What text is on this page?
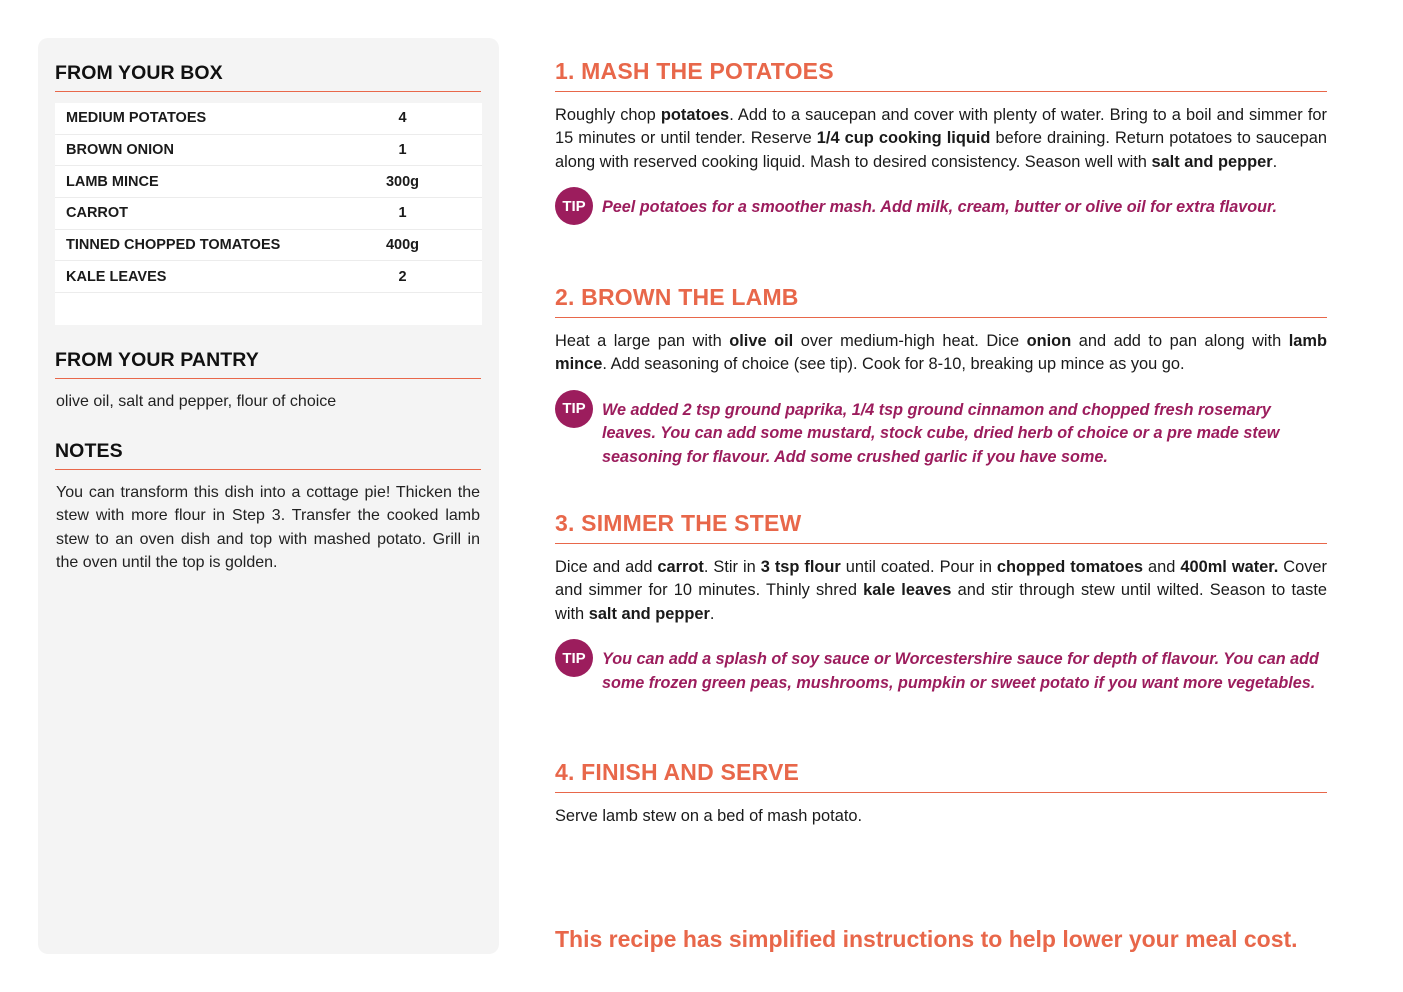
FROM YOUR BOX
MEDIUM POTATOES	4
BROWN ONION	1
LAMB MINCE	300g
CARROT	1
TINNED CHOPPED TOMATOES	400g
KALE LEAVES	2
FROM YOUR PANTRY
olive oil, salt and pepper, flour of choice
NOTES
You can transform this dish into a cottage pie! Thicken the stew with more flour in Step 3. Transfer the cooked lamb stew to an oven dish and top with mashed potato. Grill in the oven until the top is golden.
1. MASH THE POTATOES
Roughly chop potatoes. Add to a saucepan and cover with plenty of water. Bring to a boil and simmer for 15 minutes or until tender. Reserve 1/4 cup cooking liquid before draining. Return potatoes to saucepan along with reserved cooking liquid. Mash to desired consistency. Season well with salt and pepper.
TIP	Peel potatoes for a smoother mash. Add milk, cream, butter or olive oil for extra flavour.
2. BROWN THE LAMB
Heat a large pan with olive oil over medium-high heat. Dice onion and add to pan along with lamb mince. Add seasoning of choice (see tip). Cook for 8-10, breaking up mince as you go.
TIP	We added 2 tsp ground paprika, 1/4 tsp ground cinnamon and chopped fresh rosemary leaves. You can add some mustard, stock cube, dried herb of choice or a pre made stew seasoning for flavour. Add some crushed garlic if you have some.
3. SIMMER THE STEW
Dice and add carrot. Stir in 3 tsp flour until coated. Pour in chopped tomatoes and 400ml water. Cover and simmer for 10 minutes. Thinly shred kale leaves and stir through stew until wilted. Season to taste with salt and pepper.
TIP	You can add a splash of soy sauce or Worcestershire sauce for depth of flavour. You can add some frozen green peas, mushrooms, pumpkin or sweet potato if you want more vegetables.
4. FINISH AND SERVE
Serve lamb stew on a bed of mash potato.
This recipe has simplified instructions to help lower your meal cost.
